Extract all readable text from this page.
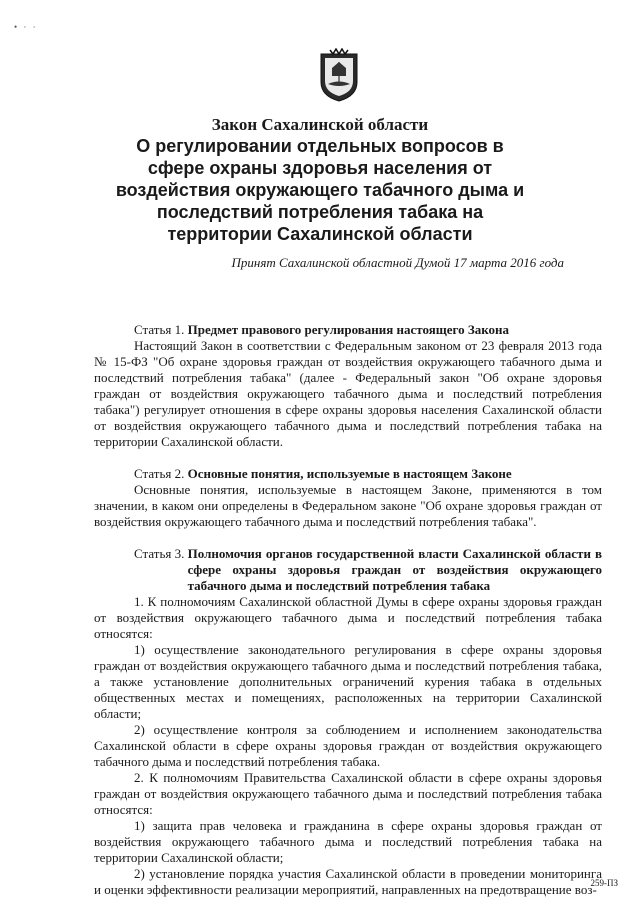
• · ·
Закон Сахалинской области
О регулировании отдельных вопросов в сфере охраны здоровья населения от воздействия окружающего табачного дыма и последствий потребления табака на территории Сахалинской области
Принят Сахалинской областной Думой 17 марта 2016 года

Статья 1. Предмет правового регулирования настоящего Закона

Настоящий Закон в соответствии с Федеральным законом от 23 февраля 2013 года № 15-ФЗ "Об охране здоровья граждан от воздействия окружающего табачного дыма и последствий потребления табака" (далее - Федеральный закон "Об охране здоровья граждан от воздействия окружающего табачного дыма и последствий потребления табака") регулирует отношения в сфере охраны здоровья населения Сахалинской области от воздействия окружающего табачного дыма и последствий потребления табака на территории Сахалинской области.

Статья 2. Основные понятия, используемые в настоящем Законе

Основные понятия, используемые в настоящем Законе, применяются в том значении, в каком они определены в Федеральном законе "Об охране здоровья граждан от воздействия окружающего табачного дыма и последствий потребления табака".

Статья 3. Полномочия органов государственной власти Сахалинской области в сфере охраны здоровья граждан от воздействия окружающего табачного дыма и последствий потребления табака

1. К полномочиям Сахалинской областной Думы в сфере охраны здоровья граждан от воздействия окружающего табачного дыма и последствий потребления табака относятся:

1) осуществление законодательного регулирования в сфере охраны здоровья граждан от воздействия окружающего табачного дыма и последствий потребления табака, а также установление дополнительных ограничений курения табака в отдельных общественных местах и помещениях, расположенных на территории Сахалинской области;

2) осуществление контроля за соблюдением и исполнением законодательства Сахалинской области в сфере охраны здоровья граждан от воздействия окружающего табачного дыма и последствий потребления табака.

2. К полномочиям Правительства Сахалинской области в сфере охраны здоровья граждан от воздействия окружающего табачного дыма и последствий потребления табака относятся:

1) защита прав человека и гражданина в сфере охраны здоровья граждан от воздействия окружающего табачного дыма и последствий потребления табака на территории Сахалинской области;

2) установление порядка участия Сахалинской области в проведении мониторинга и оценки эффективности реализации мероприятий, направленных на предотвращение воз-

259-ПЗ
